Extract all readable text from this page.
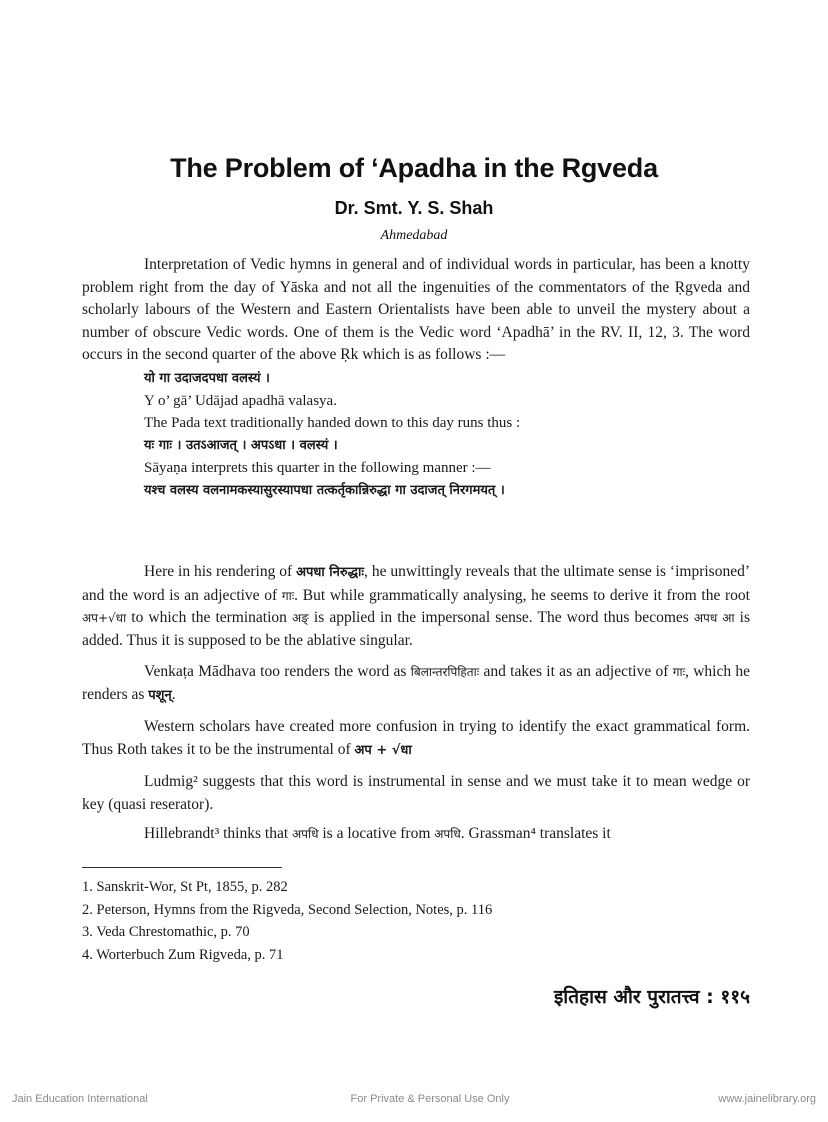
The Problem of ‘Apadha in the Rgveda
Dr. Smt. Y. S. Shah
Ahmedabad

Interpretation of Vedic hymns in general and of individual words in particular, has been a knotty problem right from the day of Yāska and not all the ingenuities of the commentators of the Ṛgveda and scholarly labours of the Western and Eastern Orientalists have been able to unveil the mystery about a number of obscure Vedic words. One of them is the Vedic word ‘Apadhā’ in the RV. II, 12, 3. The word occurs in the second quarter of the above Ṛk which is as follows :—

यो गा उदाजदपधा वलस्यं ।

Y o’ gā’ Udājad apadhā valasya.

The Pada text traditionally handed down to this day runs thus :

यः गाः । उतऽआजत् । अपऽधा । वलस्यं ।

Sāyaṇa interprets this quarter in the following manner :—

यश्च वलस्य वलनामकस्यासुरस्यापधा तत्कर्तृकान्निरुद्धा गा उदाजत् निरगमयत् ।

Here in his rendering of अपधा निरुद्धाः, he unwittingly reveals that the ultimate sense is ‘imprisoned’ and the word is an adjective of गाः. But while grammatically analysing, he seems to derive it from the root अप+√धा to which the termination अङ् is applied in the impersonal sense. The word thus becomes अपध आ is added. Thus it is supposed to be the ablative singular.

Venkaṭa Mādhava too renders the word as बिलान्तरपिहिताः and takes it as an adjective of गाः, which he renders as पशून्.

Western scholars have created more confusion in trying to identify the exact grammatical form. Thus Roth takes it to be the instrumental of अप + √धा

Ludmig² suggests that this word is instrumental in sense and we must take it to mean wedge or key (quasi reserator).

Hillebrandt³ thinks that अपधि is a locative from अपधि. Grassman⁴ translates it

1. Sanskrit-Wor, St Pt, 1855, p. 282
2. Peterson, Hymns from the Rigveda, Second Selection, Notes, p. 116
3. Veda Chrestomathic, p. 70
4. Worterbuch Zum Rigveda, p. 71
इतिहास और पुरातत्त्व : ११५
Jain Education International	For Private & Personal Use Only	www.jainelibrary.org
